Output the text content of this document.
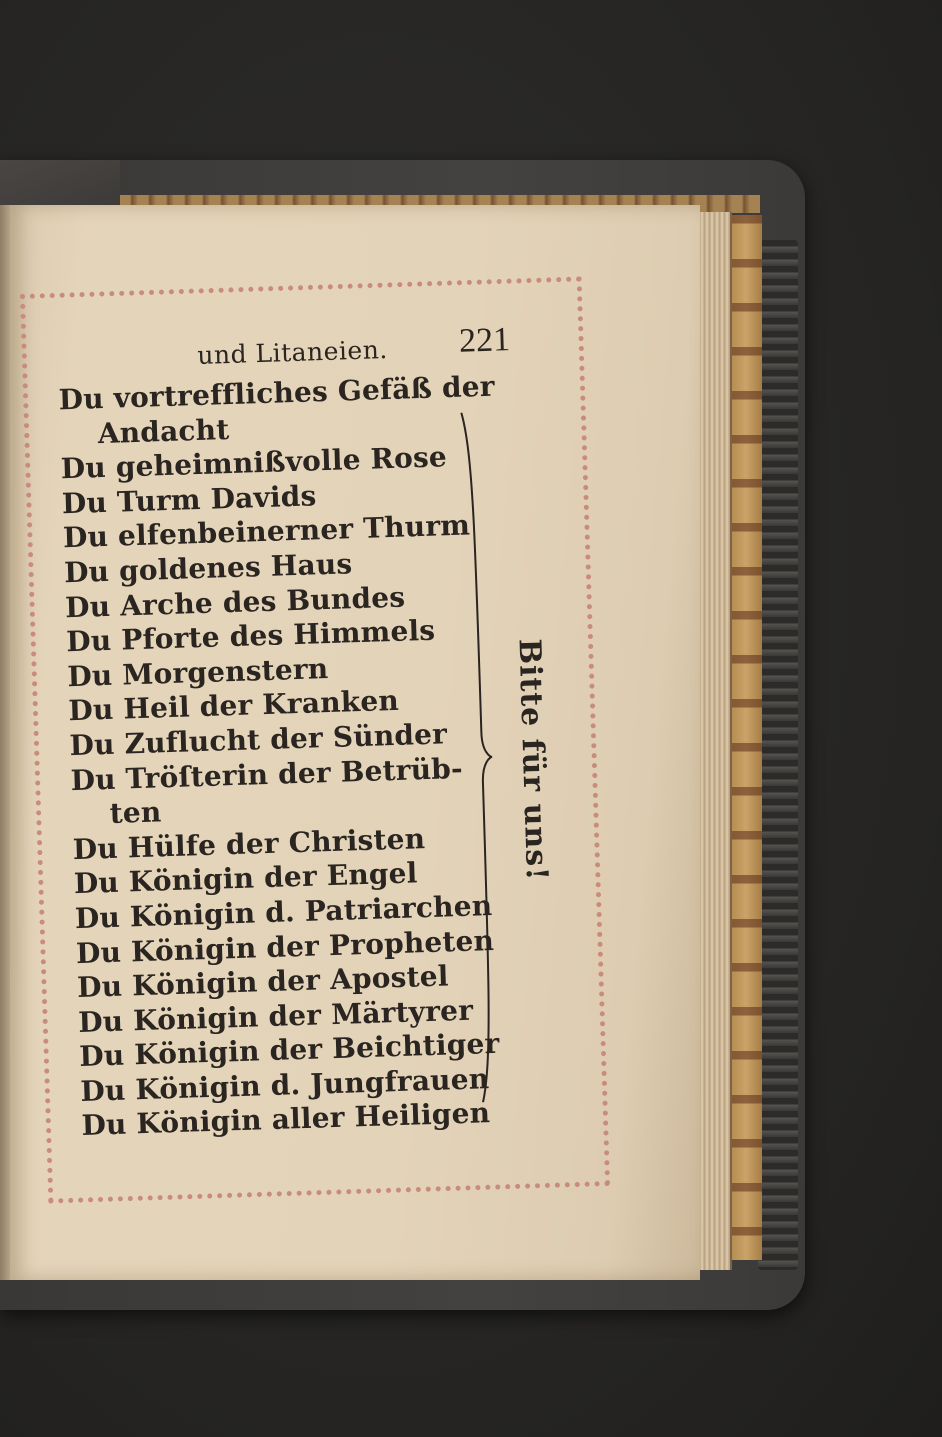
und Litaneien. 221
Du vortreffliches Gefäß der
Andacht
Du geheimnißvolle Rose
Du Turm Davids
Du elfenbeinerner Thurm
Du goldenes Haus
Du Arche des Bundes
Du Pforte des Himmels
Du Morgenstern
Du Heil der Kranken
Du Zuflucht der Sünder
Du Tröſterin der Betrüb-
ten
Du Hülfe der Christen
Du Königin der Engel
Du Königin d. Patriarchen
Du Königin der Propheten
Du Königin der Apostel
Du Königin der Märtyrer
Du Königin der Beichtiger
Du Königin d. Jungfrauen
Du Königin aller Heiligen
Bitte für uns!
